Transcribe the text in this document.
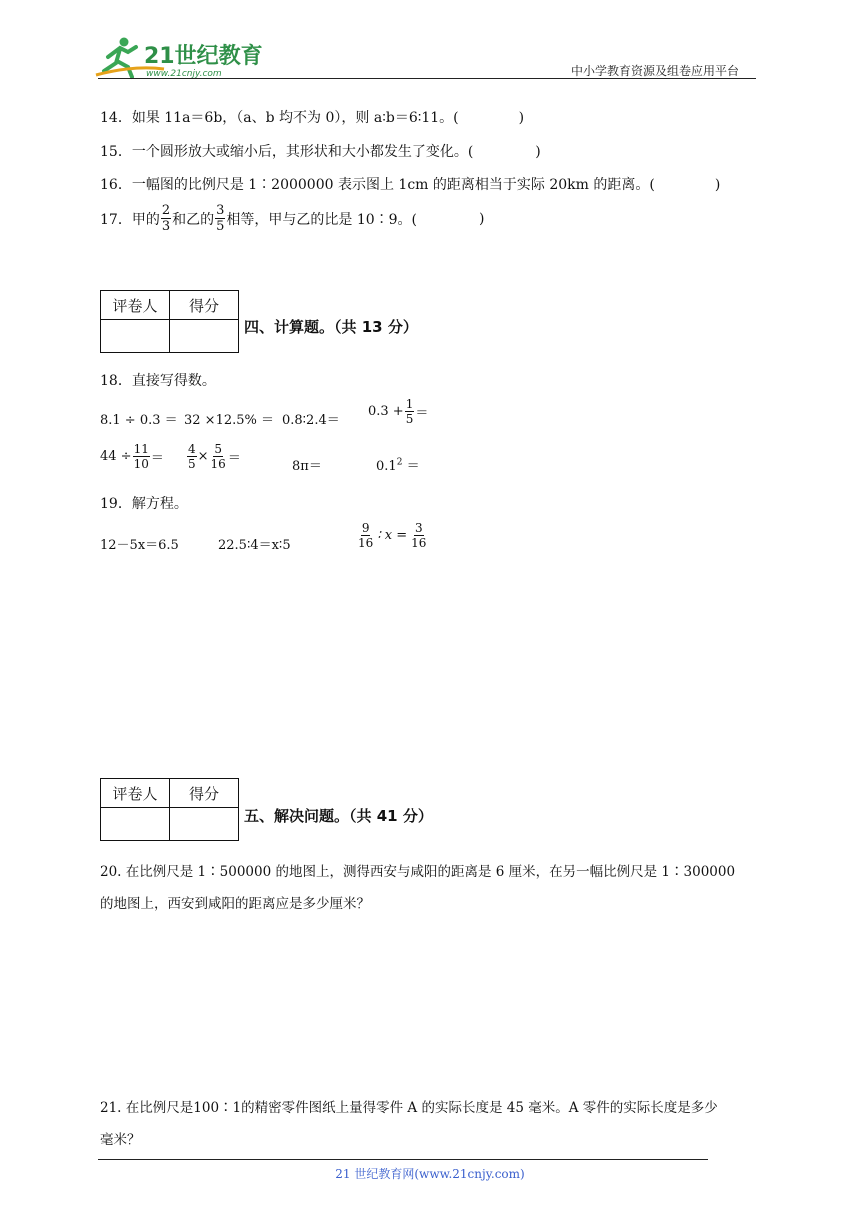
21世纪教育
www.21cnjy.com	中小学教育资源及组卷应用平台
14．如果 11a＝6b，（a、b 均不为 0），则 a∶b＝6∶11。(	)
15．一个圆形放大或缩小后，其形状和大小都发生了变化。(	)
16．一幅图的比例尺是 1∶2000000 表示图上 1cm 的距离相当于实际 20km 的距离。(	)
17．甲的 $\frac{2}{3}$ 和乙的 $\frac{3}{5}$ 相等，甲与乙的比是 10∶9。(	)
评卷人	得分

四、计算题。（共 13 分）
18．直接写得数。
8.1 ÷ 0.3 ＝ 32 ×12.5% ＝ 0.8∶2.4＝
$0.3 + \frac{1}{5}$ ＝
$44 \div \frac{11}{10} = \frac{4}{5} \times \frac{5}{16}$ ＝
8π＝	$0.1^2$ ＝
19．解方程。
12－5x＝6.5	22.5∶4＝x∶5	$\frac{9}{16}$ ∶ $x = \frac{3}{16}$
评卷人	得分

五、解决问题。（共 41 分）
20. 在比例尺是 1∶500000 的地图上，测得西安与咸阳的距离是 6 厘米，在另一幅比例尺是 1∶300000
的地图上，西安到咸阳的距离应是多少厘米？
21. 在比例尺是100∶1的精密零件图纸上量得零件 A 的实际长度是 45 毫米。A 零件的实际长度是多少
毫米？
21 世纪教育网(www.21cnjy.com)
